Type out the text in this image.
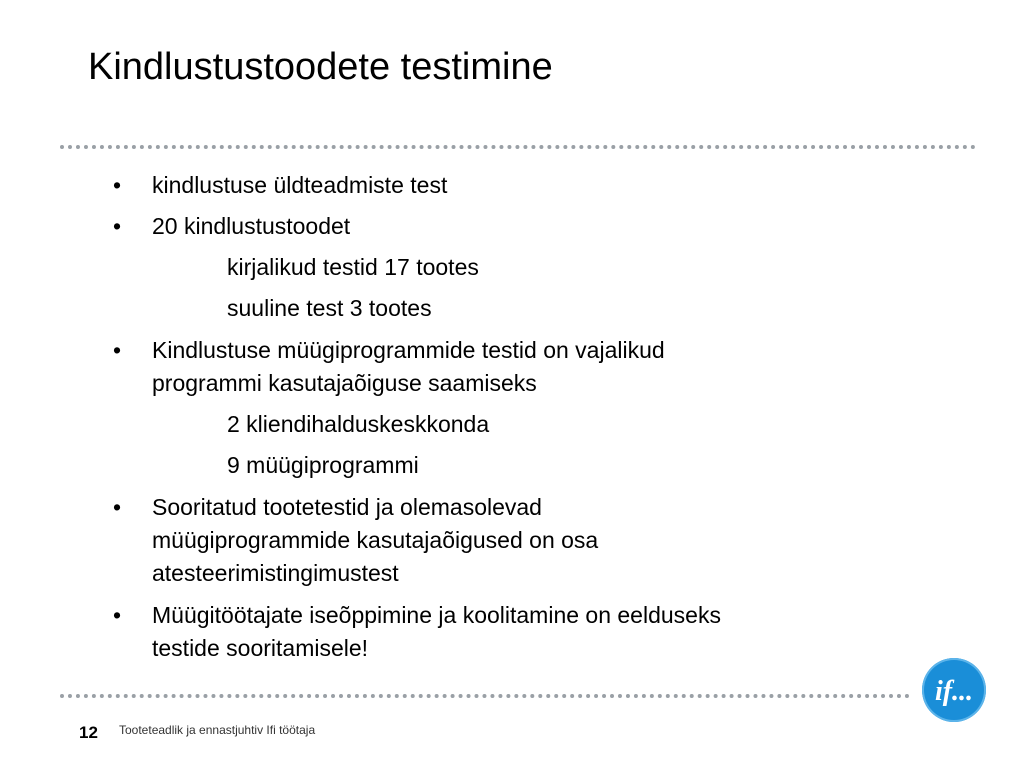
Kindlustustoodete testimine
• kindlustuse üldteadmiste test
• 20 kindlustustoodet
kirjalikud testid 17 tootes
suuline test 3 tootes
• Kindlustuse müügiprogrammide testid on vajalikud
programmi kasutajaõiguse saamiseks
2 kliendihalduskeskkonda
9 müügiprogrammi
• Sooritatud tootetestid ja olemasolevad
müügiprogrammide kasutajaõigused on osa
atesteerimistingimustest
• Müügitöötajate iseõppimine ja koolitamine on eelduseks
testide sooritamisele!
if...
12 Tooteteadlik ja ennastjuhtiv Ifi töötaja
